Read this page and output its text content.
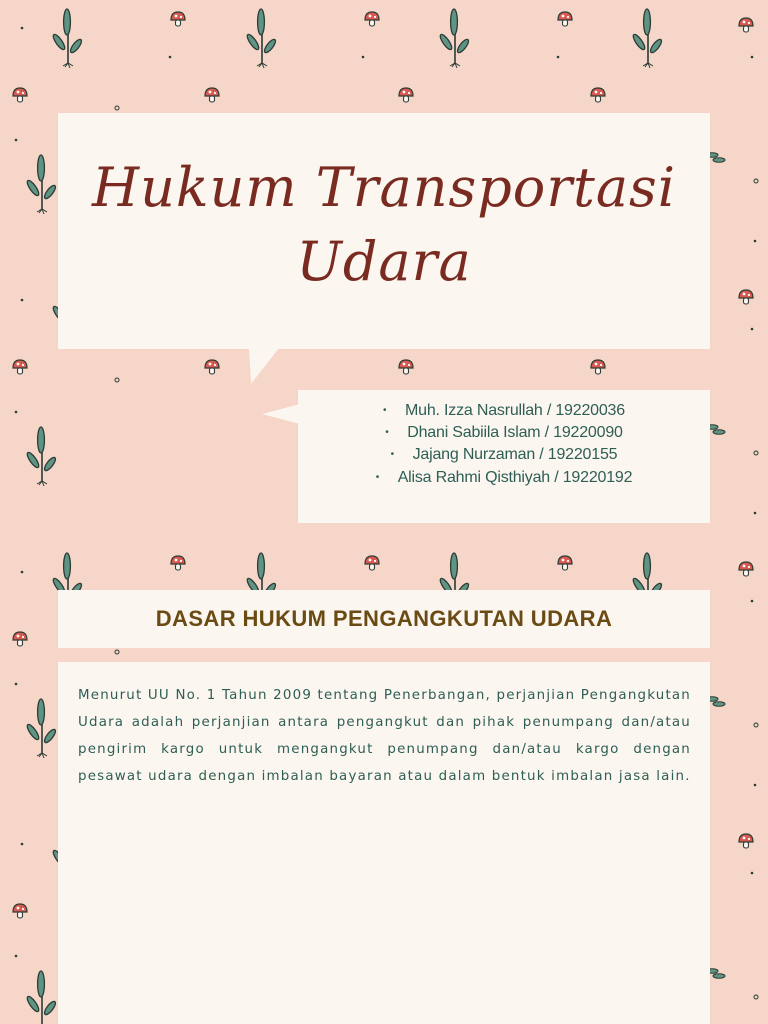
Hukum Transportasi Udara
• Muh. Izza Nasrullah / 19220036
• Dhani Sabiila Islam / 19220090
• Jajang Nurzaman / 19220155
• Alisa Rahmi Qisthiyah / 19220192
DASAR HUKUM PENGANGKUTAN UDARA

Menurut UU No. 1 Tahun 2009 tentang Penerbangan, perjanjian Pengangkutan Udara adalah perjanjian antara pengangkut dan pihak penumpang dan/atau pengirim kargo untuk mengangkut penumpang dan/atau kargo dengan pesawat udara dengan imbalan bayaran atau dalam bentuk imbalan jasa lain.
